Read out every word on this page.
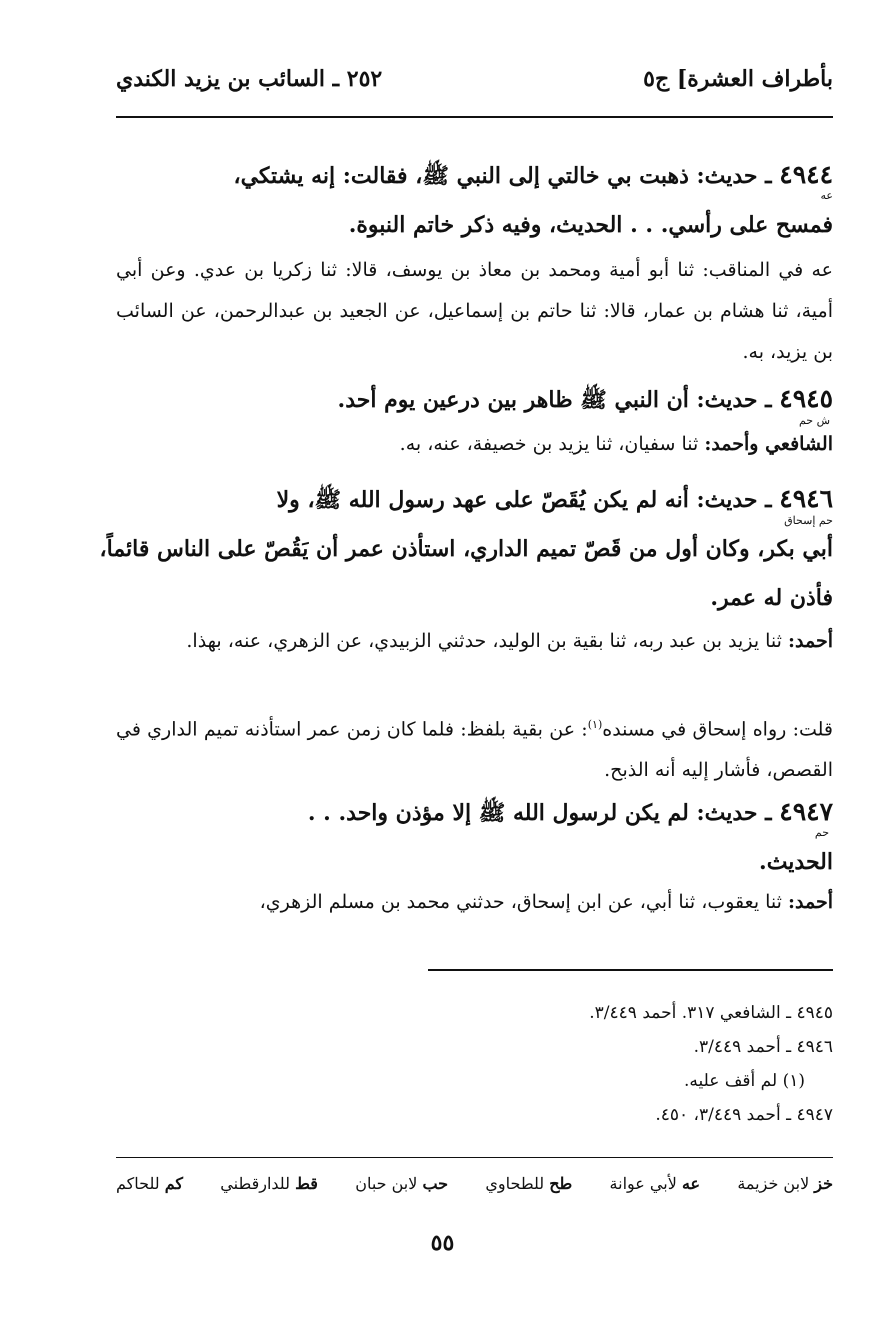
بأطراف العشرة] ج٥
٢٥٢ ـ السائب بن يزيد الكندي
٤٩٤٤ ـ حديث: ذهبت بي خالتي إلى النبي ﷺ، فقالت: إنه يشتكي،
فمسح على رأسي. . . الحديث، وفيه ذكر خاتم النبوة.
عه
عه في المناقب: ثنا أبو أمية ومحمد بن معاذ بن يوسف، قالا: ثنا زكريا بن عدي. وعن أبي أمية، ثنا هشام بن عمار، قالا: ثنا حاتم بن إسماعيل، عن الجعيد بن عبدالرحمن، عن السائب بن يزيد، به.
٤٩٤٥ ـ حديث: أن النبي ﷺ ظاهر بين درعين يوم أحد.
ش حم
الشافعي وأحمد: ثنا سفيان، ثنا يزيد بن خصيفة، عنه، به.
٤٩٤٦ ـ حديث: أنه لم يكن يُقَصّ على عهد رسول الله ﷺ، ولا
أبي بكر، وكان أول من قَصّ تميم الداري، استأذن عمر أن يَقُصّ على الناس قائماً،
فأذن له عمر.
حم إسحاق
أحمد: ثنا يزيد بن عبد ربه، ثنا بقية بن الوليد، حدثني الزبيدي، عن الزهري، عنه، بهذا.
قلت: رواه إسحاق في مسنده$^{(١)}$: عن بقية بلفظ: فلما كان زمن عمر استأذنه تميم الداري في القصص، فأشار إليه أنه الذبح.
٤٩٤٧ ـ حديث: لم يكن لرسول الله ﷺ إلا مؤذن واحد. . .
الحديث.
حم
أحمد: ثنا يعقوب، ثنا أبي، عن ابن إسحاق، حدثني محمد بن مسلم الزهري،
٤٩٤٥ ـ الشافعي ٣١٧. أحمد ٣/٤٤٩.
٤٩٤٦ ـ أحمد ٣/٤٤٩.
(١) لم أقف عليه.
٤٩٤٧ ـ أحمد ٣/٤٤٩، ٤٥٠.
خز لابن خزيمة
عه لأبي عوانة
طح للطحاوي
حب لابن حبان
قط للدارقطني
كم للحاكم
٥٥
